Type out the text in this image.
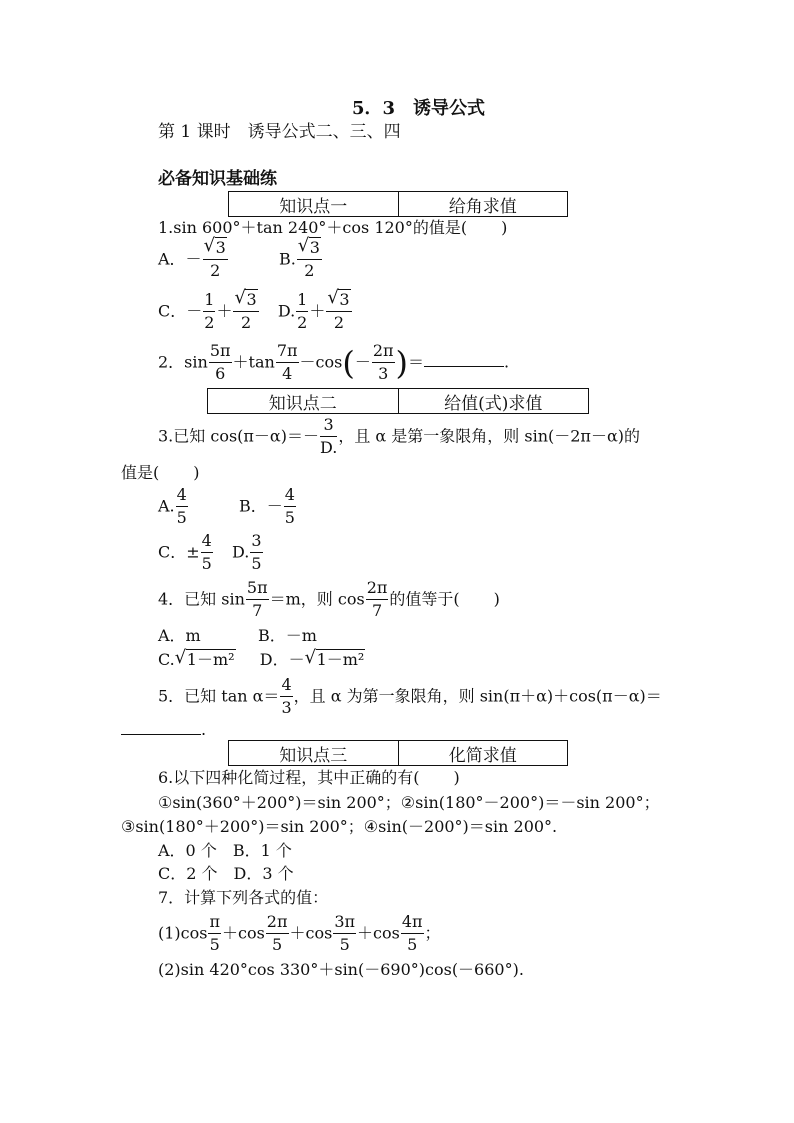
5．3　诱导公式
第 1 课时　诱导公式二、三、四
必备知识基础练
知识点一	给角求值
1.sin 600°＋tan 240°＋cos 120°的值是( )
A．－ $\frac{√ 3}{2}$	B. $\frac{√ 3}{2}$
C．－ $\frac{1}{2} + \frac{√ 3}{2} D$. $\frac{1}{2} + \frac{√ 3}{2}$
2．$\sin \frac{5\pi}{6} +\tan \frac{7\pi}{4} -\cos(- \frac{2\pi}{3}$ )＝	.
知识点二	给值(式)求值
3.已知 $\cos(\pi-\alpha)=- \frac{3}{D.}$ ，且 α 是第一象限角，则 sin(－2π－α)的
值是( )
A. $\frac{4}{5}$	B．－ $\frac{4}{5}$
C．± $\frac{4}{5} D$. $\frac{3}{5}$
4．已知 $\sin \frac{5\pi}{7} =m$，则 $\cos \frac{2\pi}{7}$ 的值等于( )
A．m	B．－m
C. √ 1－m² D．－ √ 1－m²
5．已知 $\tan \alpha= \frac{4}{3}$ ，且 α 为第一象限角，则 sin(π＋α)＋cos(π－α)＝
.
知识点三	化简求值
6.以下四种化简过程，其中正确的有( )
①sin(360°＋200°)＝sin 200°；②sin(180°－200°)＝－sin 200°；
③sin(180°＋200°)＝sin 200°；④sin(－200°)＝sin 200°.
A．0 个　B．1 个
C．2 个　D．3 个
7．计算下列各式的值：
$(1)\cos \frac{\pi}{5} +\cos \frac{2\pi}{5} +\cos \frac{3\pi}{5} +\cos \frac{4\pi}{5}$ ；
(2)sin 420°cos 330°＋sin(－690°)cos(－660°).
